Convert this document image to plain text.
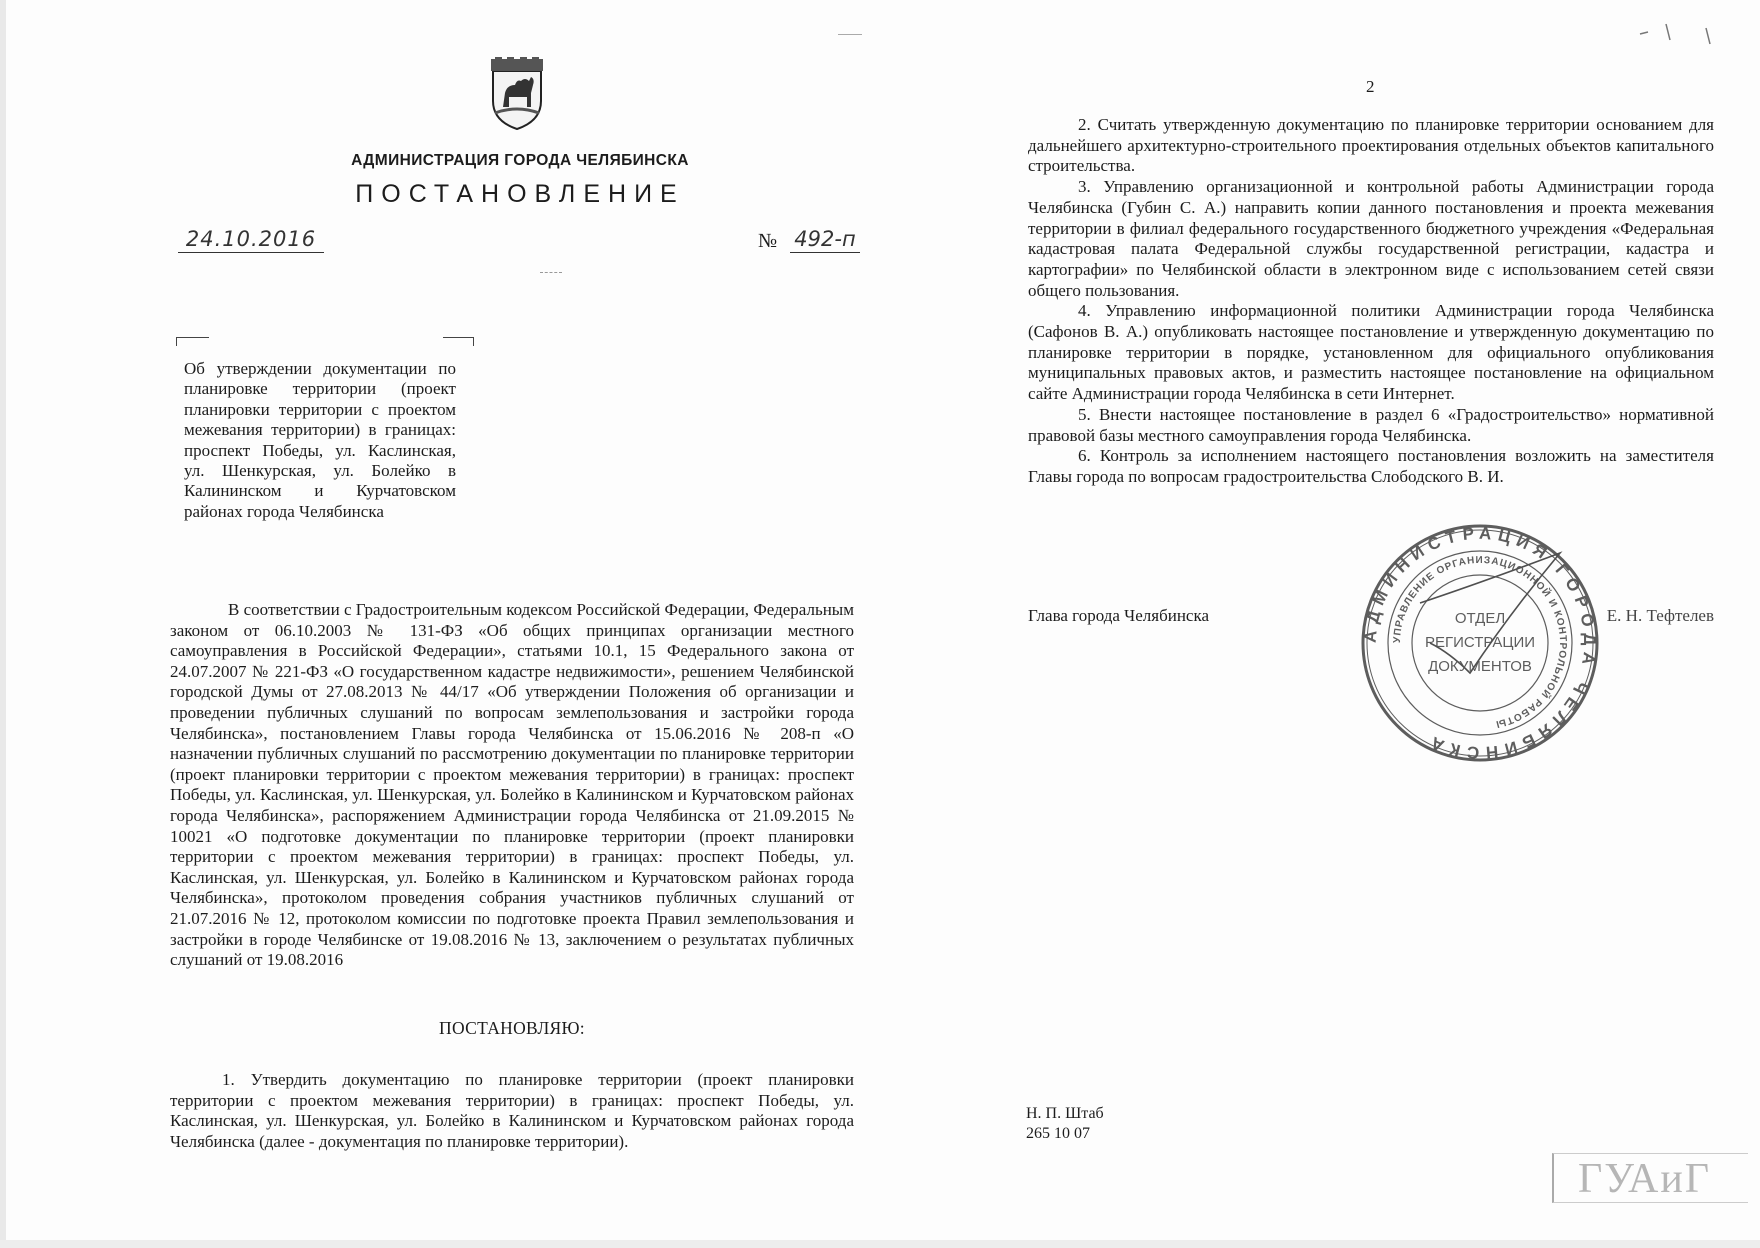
АДМИНИСТРАЦИЯ ГОРОДА ЧЕЛЯБИНСКА
ПОСТАНОВЛЕНИЕ
24.10.2016	№ 492-п
Об утверждении документации по планировке территории (проект планировки территории с проектом межевания территории) в границах: проспект Победы, ул. Каслинская, ул. Шенкурская, ул. Болейко в Калининском и Курчатовском районах города Челябинска
В соответствии с Градостроительным кодексом Российской Федерации, Федеральным законом от 06.10.2003 № 131-ФЗ «Об общих принципах организации местного самоуправления в Российской Федерации», статьями 10.1, 15 Федерального закона от 24.07.2007 № 221-ФЗ «О государственном кадастре недвижимости», решением Челябинской городской Думы от 27.08.2013 № 44/17 «Об утверждении Положения об организации и проведении публичных слушаний по вопросам землепользования и застройки города Челябинска», постановлением Главы города Челябинска от 15.06.2016 № 208-п «О назначении публичных слушаний по рассмотрению документации по планировке территории (проект планировки территории с проектом межевания территории) в границах: проспект Победы, ул. Каслинская, ул. Шенкурская, ул. Болейко в Калининском и Курчатовском районах города Челябинска», распоряжением Администрации города Челябинска от 21.09.2015 № 10021 «О подготовке документации по планировке территории (проект планировки территории с проектом межевания территории) в границах: проспект Победы, ул. Каслинская, ул. Шенкурская, ул. Болейко в Калининском и Курчатовском районах города Челябинска», протоколом проведения собрания участников публичных слушаний от 21.07.2016 № 12, протоколом комиссии по подготовке проекта Правил землепользования и застройки в городе Челябинске от 19.08.2016 № 13, заключением о результатах публичных слушаний от 19.08.2016
ПОСТАНОВЛЯЮ:
1. Утвердить документацию по планировке территории (проект планировки территории с проектом межевания территории) в границах: проспект Победы, ул. Каслинская, ул. Шенкурская, ул. Болейко в Калининском и Курчатовском районах города Челябинска (далее - документация по планировке территории).
2

2. Считать утвержденную документацию по планировке территории основанием для дальнейшего архитектурно-строительного проектирования отдельных объектов капитального строительства.

3. Управлению организационной и контрольной работы Администрации города Челябинска (Губин С. А.) направить копии данного постановления и проекта межевания территории в филиал федерального государственного бюджетного учреждения «Федеральная кадастровая палата Федеральной службы государственной регистрации, кадастра и картографии» по Челябинской области в электронном виде с использованием сетей связи общего пользования.

4. Управлению информационной политики Администрации города Челябинска (Сафонов В. А.) опубликовать настоящее постановление и утвержденную документацию по планировке территории в порядке, установленном для официального опубликования муниципальных правовых актов, и разместить настоящее постановление на официальном сайте Администрации города Челябинска в сети Интернет.

5. Внести настоящее постановление в раздел 6 «Градостроительство» нормативной правовой базы местного самоуправления города Челябинска.

6. Контроль за исполнением настоящего постановления возложить на заместителя Главы города по вопросам градостроительства Слободского В. И.

Глава города Челябинска	Е. Н. Тефтелев
АДМИНИСТРАЦИЯ ГОРОДА ЧЕЛЯБИНСКА
УПРАВЛЕНИЕ ОРГАНИЗАЦИОННОЙ И КОНТРОЛЬНОЙ РАБОТЫ
ОТДЕЛ
РЕГИСТРАЦИИ
ДОКУМЕНТОВ
Н. П. Штаб
265 10 07
ГУАиГ
